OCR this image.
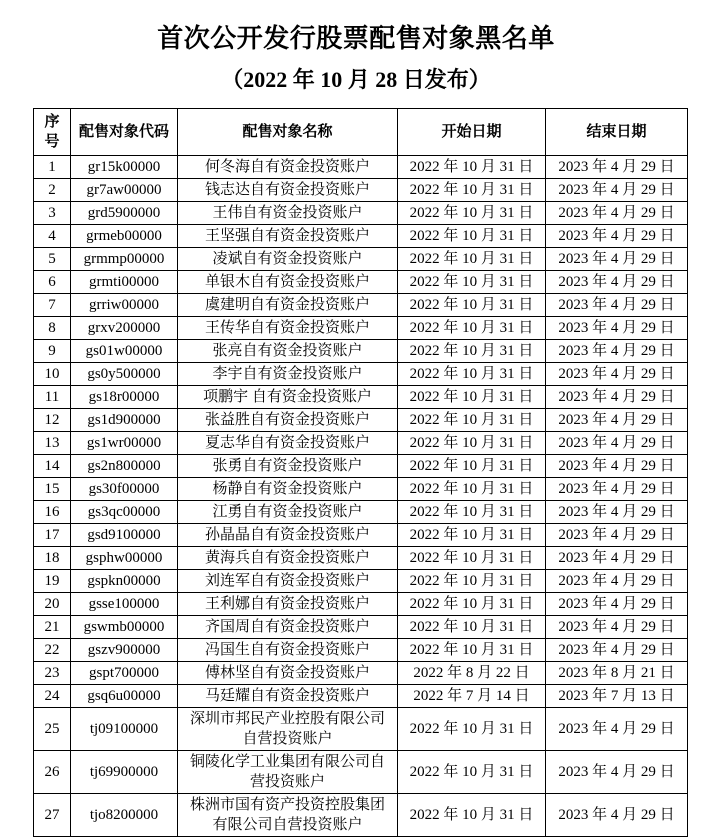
首次公开发行股票配售对象黑名单
（2022 年 10 月 28 日发布）
序号	配售对象代码	配售对象名称	开始日期	结束日期
1	gr15k00000	何冬海自有资金投资账户	2022 年 10 月 31 日	2023 年 4 月 29 日
2	gr7aw00000	钱志达自有资金投资账户	2022 年 10 月 31 日	2023 年 4 月 29 日
3	grd5900000	王伟自有资金投资账户	2022 年 10 月 31 日	2023 年 4 月 29 日
4	grmeb00000	王坚强自有资金投资账户	2022 年 10 月 31 日	2023 年 4 月 29 日
5	grmmp00000	凌斌自有资金投资账户	2022 年 10 月 31 日	2023 年 4 月 29 日
6	grmti00000	单银木自有资金投资账户	2022 年 10 月 31 日	2023 年 4 月 29 日
7	grriw00000	虞建明自有资金投资账户	2022 年 10 月 31 日	2023 年 4 月 29 日
8	grxv200000	王传华自有资金投资账户	2022 年 10 月 31 日	2023 年 4 月 29 日
9	gs01w00000	张亮自有资金投资账户	2022 年 10 月 31 日	2023 年 4 月 29 日
10	gs0y500000	李宇自有资金投资账户	2022 年 10 月 31 日	2023 年 4 月 29 日
11	gs18r00000	项鹏宇 自有资金投资账户	2022 年 10 月 31 日	2023 年 4 月 29 日
12	gs1d900000	张益胜自有资金投资账户	2022 年 10 月 31 日	2023 年 4 月 29 日
13	gs1wr00000	夏志华自有资金投资账户	2022 年 10 月 31 日	2023 年 4 月 29 日
14	gs2n800000	张勇自有资金投资账户	2022 年 10 月 31 日	2023 年 4 月 29 日
15	gs30f00000	杨静自有资金投资账户	2022 年 10 月 31 日	2023 年 4 月 29 日
16	gs3qc00000	江勇自有资金投资账户	2022 年 10 月 31 日	2023 年 4 月 29 日
17	gsd9100000	孙晶晶自有资金投资账户	2022 年 10 月 31 日	2023 年 4 月 29 日
18	gsphw00000	黄海兵自有资金投资账户	2022 年 10 月 31 日	2023 年 4 月 29 日
19	gspkn00000	刘连军自有资金投资账户	2022 年 10 月 31 日	2023 年 4 月 29 日
20	gsse100000	王利娜自有资金投资账户	2022 年 10 月 31 日	2023 年 4 月 29 日
21	gswmb00000	齐国周自有资金投资账户	2022 年 10 月 31 日	2023 年 4 月 29 日
22	gszv900000	冯国生自有资金投资账户	2022 年 10 月 31 日	2023 年 4 月 29 日
23	gspt700000	傅林坚自有资金投资账户	2022 年 8 月 22 日	2023 年 8 月 21 日
24	gsq6u00000	马廷耀自有资金投资账户	2022 年 7 月 14 日	2023 年 7 月 13 日
25	tj09100000	深圳市邦民产业控股有限公司自营投资账户	2022 年 10 月 31 日	2023 年 4 月 29 日
26	tj69900000	铜陵化学工业集团有限公司自营投资账户	2022 年 10 月 31 日	2023 年 4 月 29 日
27	tjo8200000	株洲市国有资产投资控股集团有限公司自营投资账户	2022 年 10 月 31 日	2023 年 4 月 29 日
